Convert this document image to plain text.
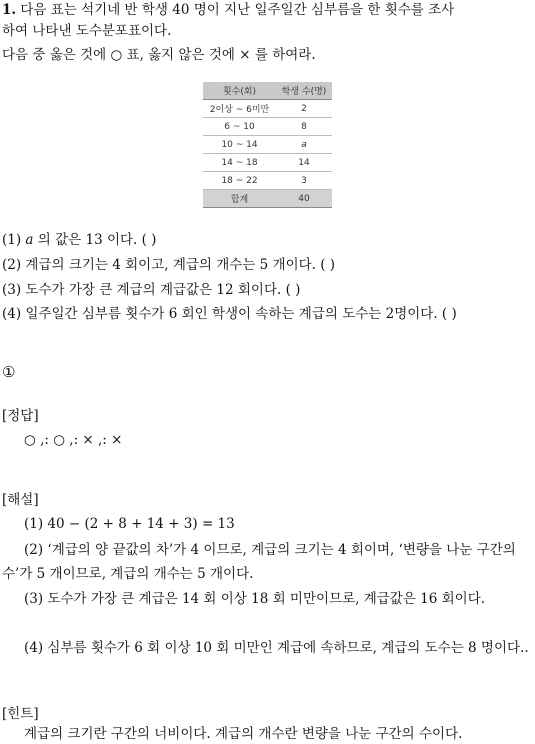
1. 다음 표는 석기네 반 학생 40 명이 지난 일주일간 심부름을 한 횟수를 조사
하여 나타낸 도수분포표이다.
다음 중 옳은 것에 ○ 표, 옳지 않은 것에 × 를 하여라.
횟수(회)	학생 수(명)
2이상 ~ 6미만	2
6 ~ 10	8
10 ~ 14	a
14 ~ 18	14
18 ~ 22	3
합계	40
(1) a 의 값은 13 이다. ( )
(2) 계급의 크기는 4 회이고, 계급의 개수는 5 개이다. ( )
(3) 도수가 가장 큰 계급의 계급값은 12 회이다. ( )
(4) 일주일간 심부름 횟수가 6 회인 학생이 속하는 계급의 도수는 2명이다. ( )
①
[정답]
○ ,: ○ ,: × ,: ×
[해설]
(1) 40 − (2 + 8 + 14 + 3) = 13
(2) ‘계급의 양 끝값의 차’가 4 이므로, 계급의 크기는 4 회이며, ‘변량을 나눈 구간의 수’가 5 개이므로, 계급의 개수는 5 개이다.
(3) 도수가 가장 큰 계급은 14 회 이상 18 회 미만이므로, 계급값은 16 회이다.
(4) 심부름 횟수가 6 회 이상 10 회 미만인 계급에 속하므로, 계급의 도수는 8 명이다..
[힌트]
계급의 크기란 구간의 너비이다. 계급의 개수란 변량을 나눈 구간의 수이다.
